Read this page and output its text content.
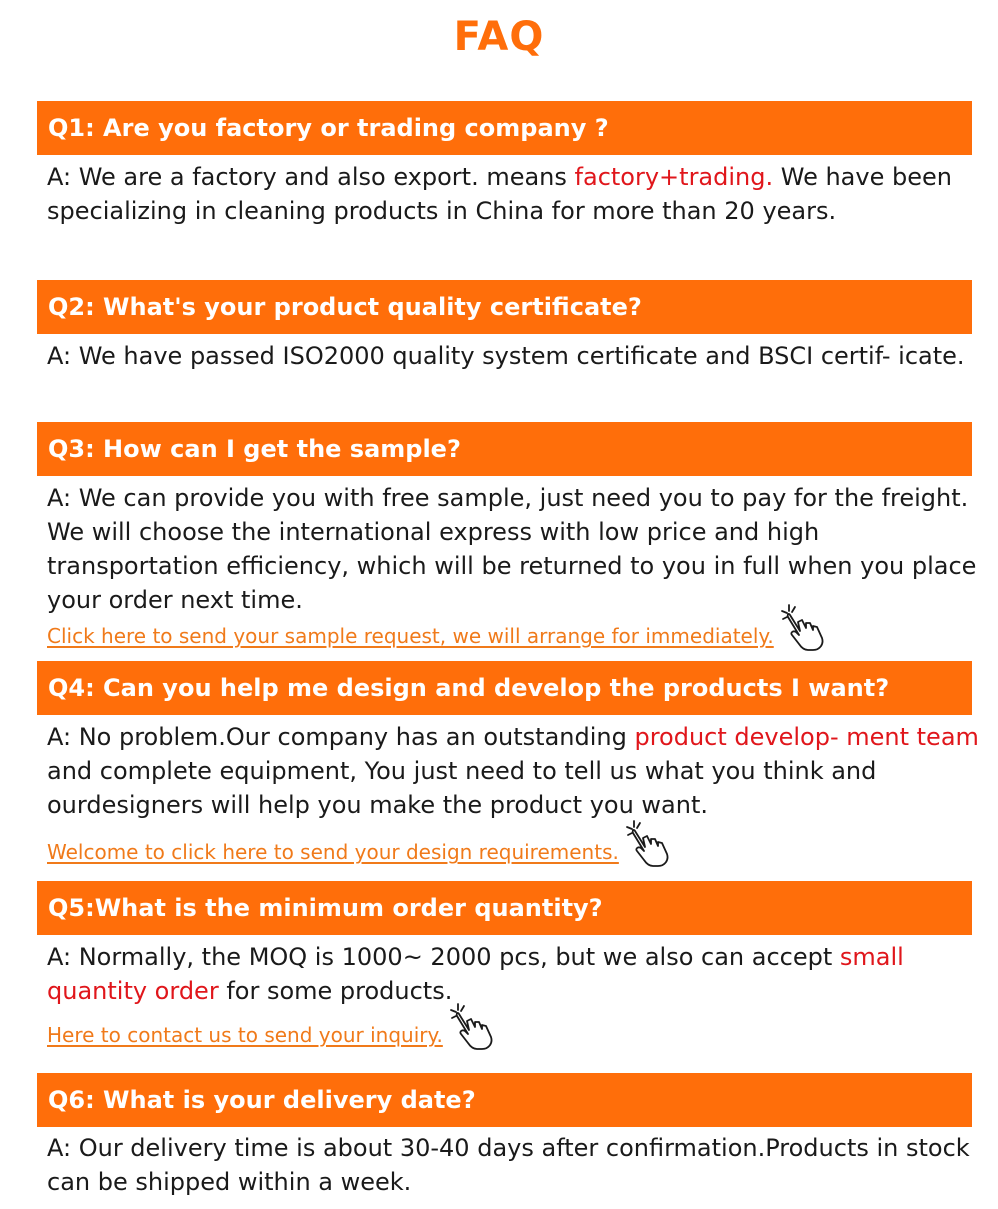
FAQ
Q1: Are you factory or trading company ?
A: We are a factory and also export. means factory+trading. We have been specializing in cleaning products in China for more than 20 years.
Q2: What's your product quality certificate?
A: We have passed ISO2000 quality system certificate and BSCI certif- icate.
Q3: How can I get the sample?
A: We can provide you with free sample, just need you to pay for the freight. We will choose the international express with low price and high transportation efficiency, which will be returned to you in full when you place your order next time.
Click here to send your sample request, we will arrange for immediately.
Q4: Can you help me design and develop the products I want?
A: No problem.Our company has an outstanding product develop- ment team and complete equipment, You just need to tell us what you think and ourdesigners will help you make the product you want.
Welcome to click here to send your design requirements.
Q5:What is the minimum order quantity?
A: Normally, the MOQ is 1000~ 2000 pcs, but we also can accept small quantity order for some products.
Here to contact us to send your inquiry.
Q6: What is your delivery date?
A: Our delivery time is about 30-40 days after confirmation.Products in stock can be shipped within a week.
